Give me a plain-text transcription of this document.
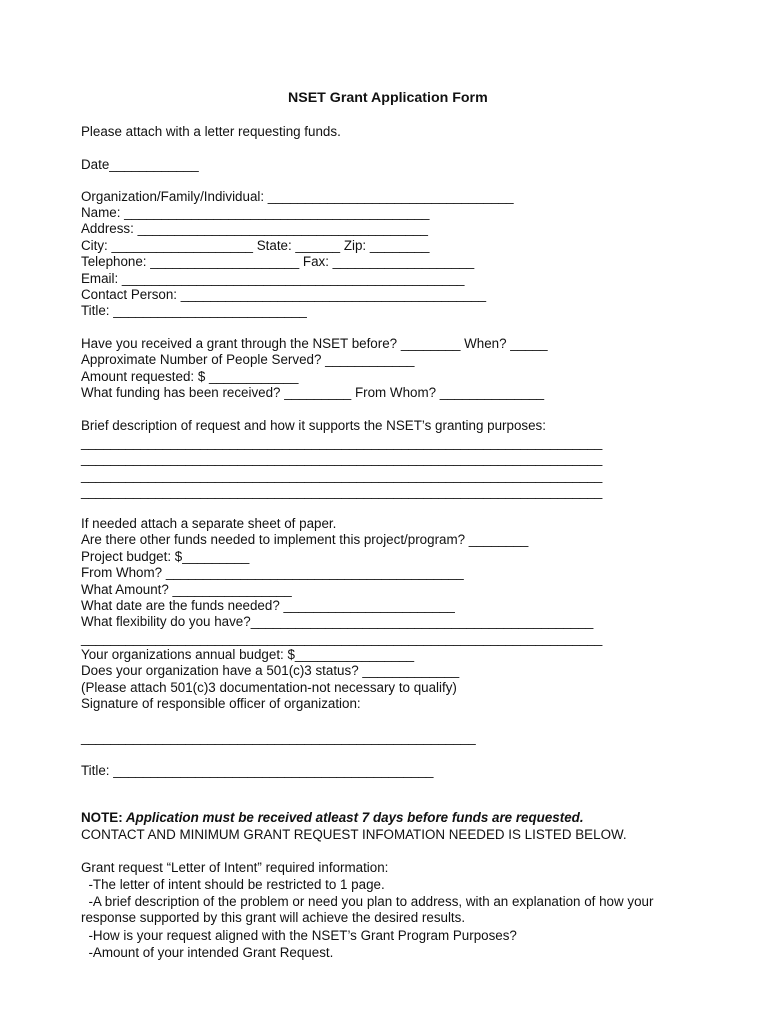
NSET Grant Application Form
Please attach with a letter requesting funds.
Date____________
Organization/Family/Individual: _________________________________
Name: _________________________________________
Address: _______________________________________
City: ___________________ State: ______ Zip: ________
Telephone: ____________________ Fax: ___________________
Email: ______________________________________________
Contact Person: _________________________________________
Title: __________________________
Have you received a grant through the NSET before? ________ When? _____
Approximate Number of People Served? ____________
Amount requested: $ ____________
What funding has been received? _________ From Whom? ______________
Brief description of request and how it supports the NSET’s granting purposes:
______________________________________________________________________
______________________________________________________________________
______________________________________________________________________
______________________________________________________________________
If needed attach a separate sheet of paper.
Are there other funds needed to implement this project/program? ________
Project budget: $_________
From Whom? ________________________________________
What Amount? ________________
What date are the funds needed? _______________________
What flexibility do you have?______________________________________________
______________________________________________________________________
Your organizations annual budget: $________________
Does your organization have a 501(c)3 status? _____________
(Please attach 501(c)3 documentation-not necessary to qualify)
Signature of responsible officer of organization:
_____________________________________________________
Title: ___________________________________________
NOTE: Application must be received atleast 7 days before funds are requested.
CONTACT AND MINIMUM GRANT REQUEST INFOMATION NEEDED IS LISTED BELOW.
Grant request “Letter of Intent” required information:
-The letter of intent should be restricted to 1 page.
-A brief description of the problem or need you plan to address, with an explanation of how your
response supported by this grant will achieve the desired results.
-How is your request aligned with the NSET’s Grant Program Purposes?
-Amount of your intended Grant Request.
